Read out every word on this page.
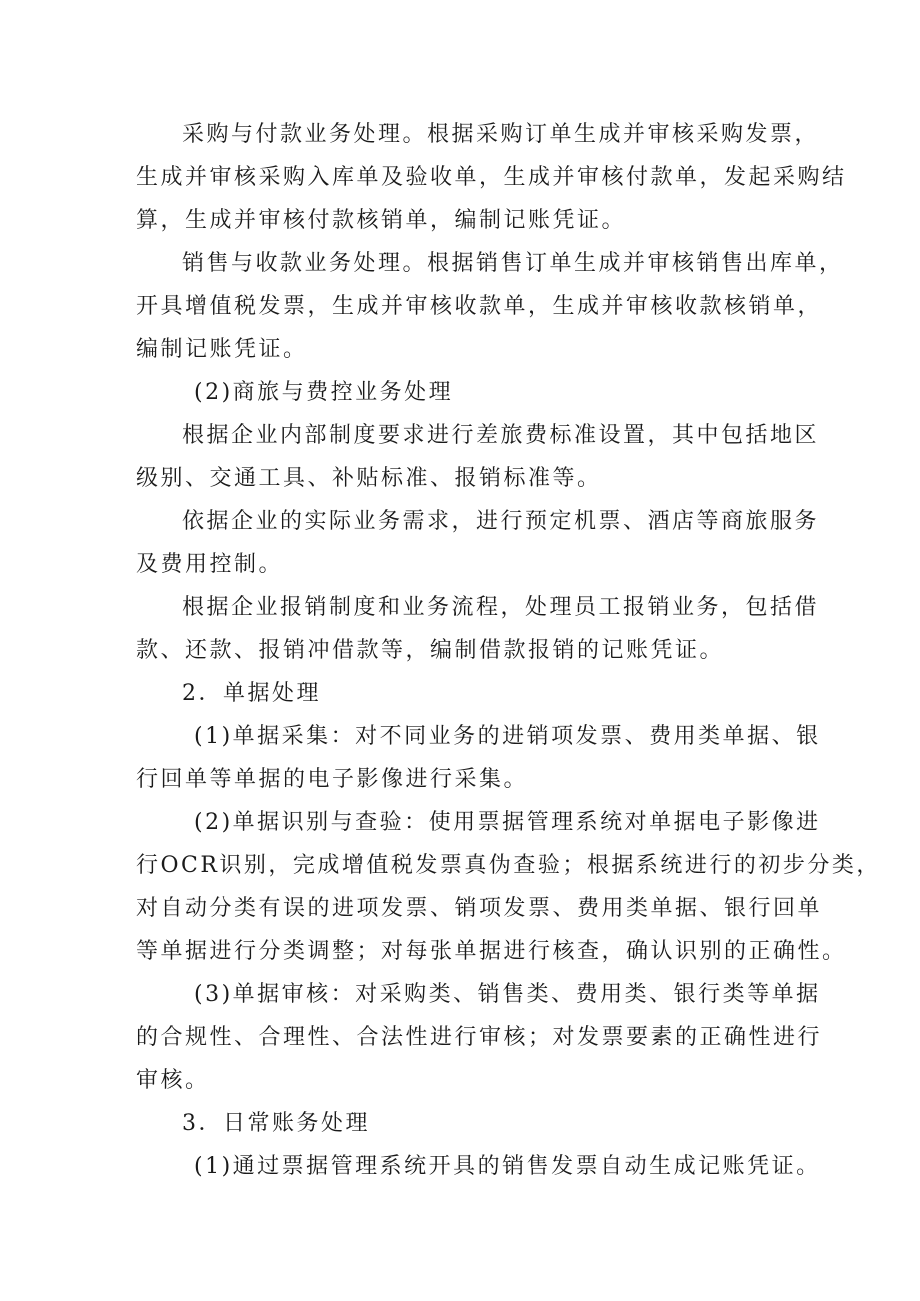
采购与付款业务处理。根据采购订单生成并审核采购发票，
生成并审核采购入库单及验收单，生成并审核付款单，发起采购结
算，生成并审核付款核销单，编制记账凭证。
销售与收款业务处理。根据销售订单生成并审核销售出库单，
开具增值税发票，生成并审核收款单，生成并审核收款核销单，
编制记账凭证。
(2)商旅与费控业务处理
根据企业内部制度要求进行差旅费标准设置，其中包括地区
级别、交通工具、补贴标准、报销标准等。
依据企业的实际业务需求，进行预定机票、酒店等商旅服务
及费用控制。
根据企业报销制度和业务流程，处理员工报销业务，包括借
款、还款、报销冲借款等，编制借款报销的记账凭证。
2．单据处理
(1)单据采集：对不同业务的进销项发票、费用类单据、银
行回单等单据的电子影像进行采集。
(2)单据识别与查验：使用票据管理系统对单据电子影像进
行OCR识别，完成增值税发票真伪查验；根据系统进行的初步分类，
对自动分类有误的进项发票、销项发票、费用类单据、银行回单
等单据进行分类调整；对每张单据进行核查，确认识别的正确性。
(3)单据审核：对采购类、销售类、费用类、银行类等单据
的合规性、合理性、合法性进行审核；对发票要素的正确性进行
审核。
3．日常账务处理
(1)通过票据管理系统开具的销售发票自动生成记账凭证。
